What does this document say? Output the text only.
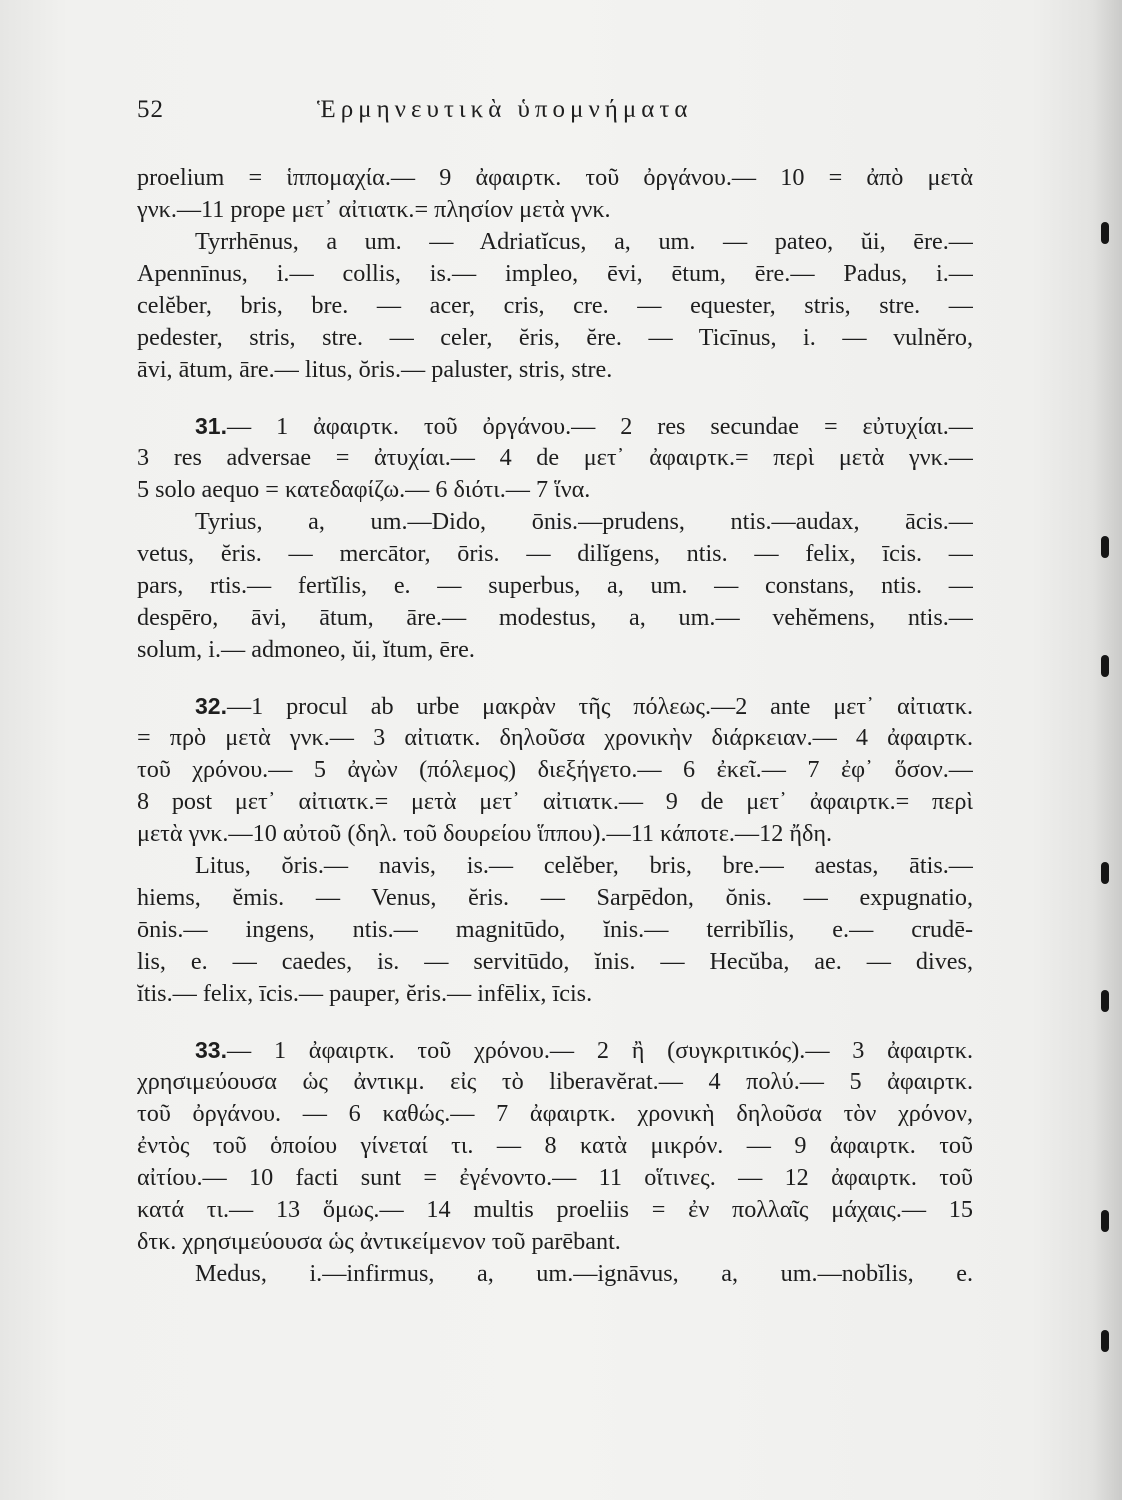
52	Ἑρμηνευτικὰ ὑπομνήματα
proelium = ἱππομαχία.— 9 ἀφαιρτκ. τοῦ ὀργάνου.— 10 = ἀπὸ μετὰ
γνκ.—11 prope μετ᾽ αἰτιατκ.= πλησίον μετὰ γνκ.
Tyrrhēnus, a um. — Adriatĭcus, a, um. — pateo, ŭi, ēre.—
Apennīnus, i.— collis, is.— impleo, ēvi, ētum, ēre.— Padus, i.—
celĕber, bris, bre. — acer, cris, cre. — equester, stris, stre. —
pedester, stris, stre. — celer, ĕris, ĕre. — Ticīnus, i. — vulnĕro,
āvi, ātum, āre.— litus, ŏris.— paluster, stris, stre.
31.— 1 ἀφαιρτκ. τοῦ ὀργάνου.— 2 res secundae = εὐτυχίαι.—
3 res adversae = ἀτυχίαι.— 4 de μετ᾽ ἀφαιρτκ.= περὶ μετὰ γνκ.—
5 solo aequo = κατεδαφίζω.— 6 διότι.— 7 ἵνα.
Tyrius, a, um.—Dido, ōnis.—prudens, ntis.—audax, ācis.—
vetus, ĕris. — mercātor, ōris. — dilĭgens, ntis. — felix, īcis. —
pars, rtis.— fertĭlis, e. — superbus, a, um. — constans, ntis. —
despēro, āvi, ātum, āre.— modestus, a, um.— vehĕmens, ntis.—
solum, i.— admoneo, ŭi, ĭtum, ēre.
32.—1 procul ab urbe μακρὰν τῆς πόλεως.—2 ante μετ᾽ αἰτιατκ.
= πρὸ μετὰ γνκ.— 3 αἰτιατκ. δηλοῦσα χρονικὴν διάρκειαν.— 4 ἀφαιρτκ.
τοῦ χρόνου.— 5 ἀγὼν (πόλεμος) διεξήγετο.— 6 ἐκεῖ.— 7 ἐφ᾽ ὅσον.—
8 post μετ᾽ αἰτιατκ.= μετὰ μετ᾽ αἰτιατκ.— 9 de μετ᾽ ἀφαιρτκ.= περὶ
μετὰ γνκ.—10 αὐτοῦ (δηλ. τοῦ δουρείου ἵππου).—11 κάποτε.—12 ἤδη.
Litus, ŏris.— navis, is.— celĕber, bris, bre.— aestas, ātis.—
hiems, ĕmis. — Venus, ĕris. — Sarpēdon, ŏnis. — expugnatio,
ōnis.— ingens, ntis.— magnitūdo, ĭnis.— terribĭlis, e.— crudē-
lis, e. — caedes, is. — servitūdo, ĭnis. — Hecŭba, ae. — dives,
ĭtis.— felix, īcis.— pauper, ĕris.— infēlix, īcis.
33.— 1 ἀφαιρτκ. τοῦ χρόνου.— 2 ἢ (συγκριτικός).— 3 ἀφαιρτκ.
χρησιμεύουσα ὡς ἀντικμ. εἰς τὸ liberavĕrat.— 4 πολύ.— 5 ἀφαιρτκ.
τοῦ ὀργάνου. — 6 καθώς.— 7 ἀφαιρτκ. χρονικὴ δηλοῦσα τὸν χρόνον,
ἐντὸς τοῦ ὁποίου γίνεταί τι. — 8 κατὰ μικρόν. — 9 ἀφαιρτκ. τοῦ
αἰτίου.— 10 facti sunt = ἐγένοντο.— 11 οἵτινες. — 12 ἀφαιρτκ. τοῦ
κατά τι.— 13 ὅμως.— 14 multis proeliis = ἐν πολλαῖς μάχαις.— 15
δτκ. χρησιμεύουσα ὡς ἀντικείμενον τοῦ parēbant.
Medus, i.—infirmus, a, um.—ignāvus, a, um.—nobĭlis, e.
